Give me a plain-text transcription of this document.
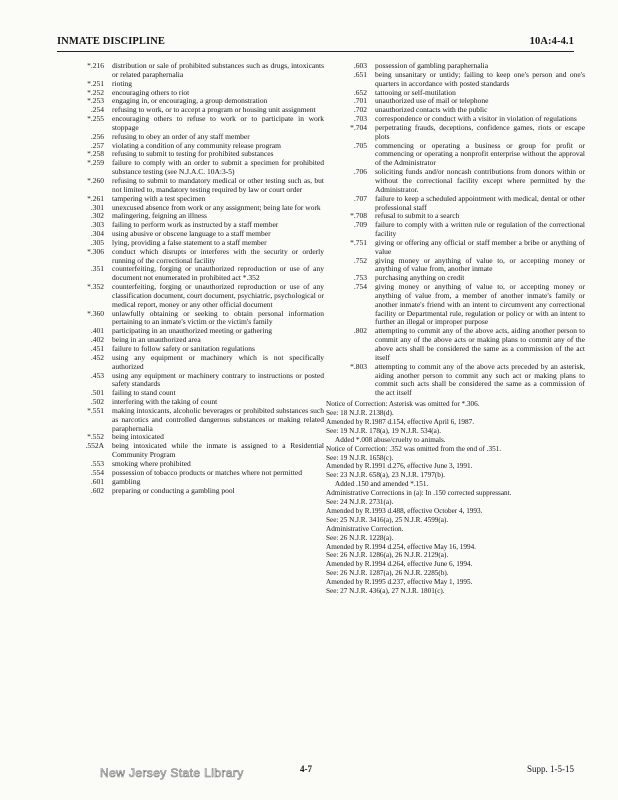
INMATE DISCIPLINE	10A:4-4.1
*.216	distribution or sale of prohibited substances such as drugs, intoxicants or related paraphernalia
*.251	rioting
*.252	encouraging others to riot
*.253	engaging in, or encouraging, a group demonstration
.254	refusing to work, or to accept a program or housing unit assignment
*.255	encouraging others to refuse to work or to participate in work stoppage
.256	refusing to obey an order of any staff member
.257	violating a condition of any community release program
*.258	refusing to submit to testing for prohibited substances
*.259	failure to comply with an order to submit a specimen for prohibited substance testing (see N.J.A.C. 10A:3-5)
*.260	refusing to submit to mandatory medical or other testing such as, but not limited to, mandatory testing required by law or court order
*.261	tampering with a test specimen
.301	unexcused absence from work or any assignment; being late for work
.302	malingering, feigning an illness
.303	failing to perform work as instructed by a staff member
.304	using abusive or obscene language to a staff member
.305	lying, providing a false statement to a staff member
*.306	conduct which disrupts or interferes with the security or orderly running of the correctional facility
.351	counterfeiting, forging or unauthorized reproduction or use of any document not enumerated in prohibited act *.352
*.352	counterfeiting, forging or unauthorized reproduction or use of any classification document, court document, psychiatric, psychological or medical report, money or any other official document
*.360	unlawfully obtaining or seeking to obtain personal information pertaining to an inmate's victim or the victim's family
.401	participating in an unauthorized meeting or gathering
.402	being in an unauthorized area
.451	failure to follow safety or sanitation regulations
.452	using any equipment or machinery which is not specifically authorized
.453	using any equipment or machinery contrary to instructions or posted safety standards
.501	failing to stand count
.502	interfering with the taking of count
*.551	making intoxicants, alcoholic beverages or prohibited substances such as narcotics and controlled dangerous substances or making related paraphernalia
*.552	being intoxicated
.552A	being intoxicated while the inmate is assigned to a Residential Community Program
.553	smoking where prohibited
.554	possession of tobacco products or matches where not permitted
.601	gambling
.602	preparing or conducting a gambling pool
.603	possession of gambling paraphernalia
.651	being unsanitary or untidy; failing to keep one's person and one's quarters in accordance with posted standards
.652	tattooing or self-mutilation
.701	unauthorized use of mail or telephone
.702	unauthorized contacts with the public
.703	correspondence or conduct with a visitor in violation of regulations
*.704	perpetrating frauds, deceptions, confidence games, riots or escape plots
.705	commencing or operating a business or group for profit or commencing or operating a nonprofit enterprise without the approval of the Administrator
.706	soliciting funds and/or noncash contributions from donors within or without the correctional facility except where permitted by the Administrator.
.707	failure to keep a scheduled appointment with medical, dental or other professional staff
*.708	refusal to submit to a search
.709	failure to comply with a written rule or regulation of the correctional facility
*.751	giving or offering any official or staff member a bribe or anything of value
.752	giving money or anything of value to, or accepting money or anything of value from, another inmate
.753	purchasing anything on credit
.754	giving money or anything of value to, or accepting money or anything of value from, a member of another inmate's family or another inmate's friend with an intent to circumvent any correctional facility or Departmental rule, regulation or policy or with an intent to further an illegal or improper purpose
.802	attempting to commit any of the above acts, aiding another person to commit any of the above acts or making plans to commit any of the above acts shall be considered the same as a commission of the act itself
*.803	attempting to commit any of the above acts preceded by an asterisk, aiding another person to commit any such act or making plans to commit such acts shall be considered the same as a commission of the act itself
Notice of Correction: Asterisk was omitted for *.306.
See: 18 N.J.R. 2138(d).
Amended by R.1987 d.154, effective April 6, 1987.
See: 19 N.J.R. 178(a), 19 N.J.R. 534(a).
Added *.008 abuse/cruelty to animals.
Notice of Correction: .352 was omitted from the end of .351.
See: 19 N.J.R. 1658(c).
Amended by R.1991 d.276, effective June 3, 1991.
See: 23 N.J.R. 658(a), 23 N.J.R. 1797(b).
Added .150 and amended *.151.
Administrative Corrections in (a): In .150 corrected suppressant.
See: 24 N.J.R. 2731(a).
Amended by R.1993 d.488, effective October 4, 1993.
See: 25 N.J.R. 3416(a), 25 N.J.R. 4599(a).
Administrative Correction.
See: 26 N.J.R. 1228(a).
Amended by R.1994 d.254, effective May 16, 1994.
See: 26 N.J.R. 1286(a), 26 N.J.R. 2129(a).
Amended by R.1994 d.264, effective June 6, 1994.
See: 26 N.J.R. 1287(a), 26 N.J.R. 2285(b).
Amended by R.1995 d.237, effective May 1, 1995.
See: 27 N.J.R. 436(a), 27 N.J.R. 1801(c).
4-7	Supp. 1-5-15
New Jersey State Library
